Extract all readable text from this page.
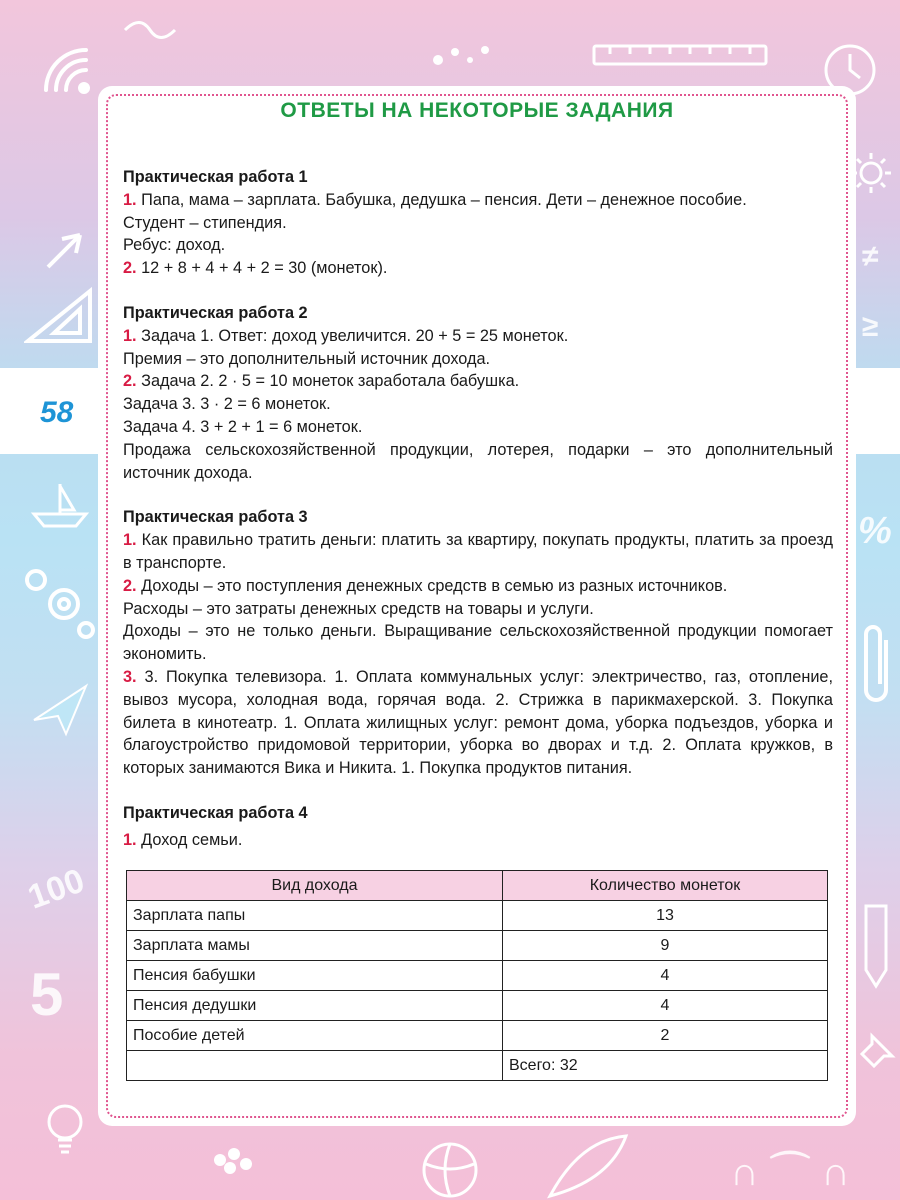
≠
≥
%
100
5
∩ ⌒ ∩
58
ОТВЕТЫ НА НЕКОТОРЫЕ ЗАДАНИЯ

Практическая работа 1

1. Папа, мама – зарплата. Бабушка, дедушка – пенсия. Дети – денежное пособие.

Студент – стипендия.

Ребус: доход.

2. 12 + 8 + 4 + 4 + 2 = 30 (монеток).

Практическая работа 2

1. Задача 1. Ответ: доход увеличится. 20 + 5 = 25 монеток.

Премия – это дополнительный источник дохода.

2. Задача 2. 2 · 5 = 10 монеток заработала бабушка.

Задача 3. 3 · 2 = 6 монеток.

Задача 4. 3 + 2 + 1 = 6 монеток.

Продажа сельскохозяйственной продукции, лотерея, подарки – это дополнительный источник дохода.

Практическая работа 3

1. Как правильно тратить деньги: платить за квартиру, покупать продукты, платить за проезд в транспорте.

2. Доходы – это поступления денежных средств в семью из разных источников.

Расходы – это затраты денежных средств на товары и услуги.

Доходы – это не только деньги. Выращивание сельскохозяйственной продукции помогает экономить.

3. 3. Покупка телевизора. 1. Оплата коммунальных услуг: электричество, газ, отопление, вывоз мусора, холодная вода, горячая вода. 2. Стрижка в парикмахерской. 3. Покупка билета в кинотеатр. 1. Оплата жилищных услуг: ремонт дома, уборка подъездов, уборка и благоустройство придомовой территории, уборка во дворах и т.д. 2. Оплата кружков, в которых занимаются Вика и Никита. 1. Покупка продуктов питания.

Практическая работа 4

1. Доход семьи.

Вид дохода	Количество монеток
Зарплата папы	13
Зарплата мамы	9
Пенсия бабушки	4
Пенсия дедушки	4
Пособие детей	2
	Всего: 32
